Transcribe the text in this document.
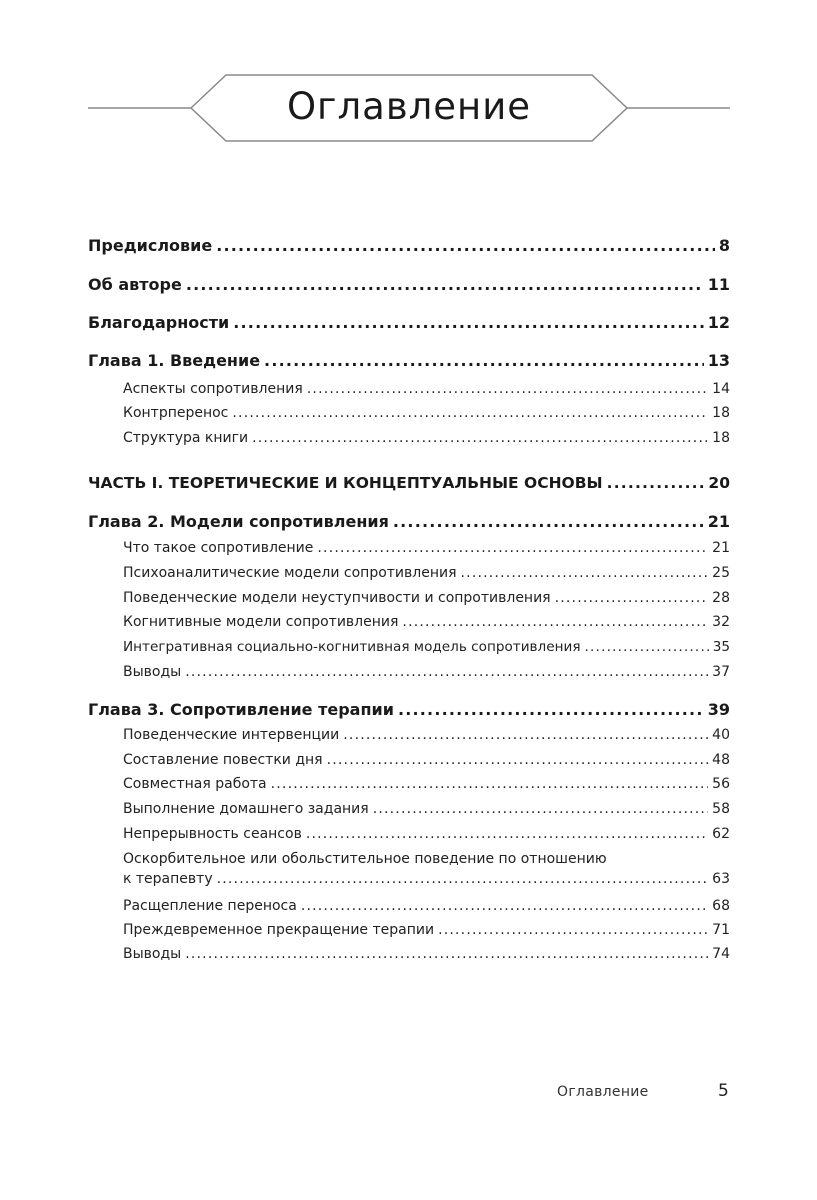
Оглавление
Предисловие .....	8
Об авторе .....	11
Благодарности .....	12
Глава 1. Введение .....	13
Аспекты сопротивления .....	14
Контрперенос .....	18
Структура книги .....	18
ЧАСТЬ I. ТЕОРЕТИЧЕСКИЕ И КОНЦЕПТУАЛЬНЫЕ ОСНОВЫ .....	20
Глава 2. Модели сопротивления .....	21
Что такое сопротивление .....	21
Психоаналитические модели сопротивления .....	25
Поведенческие модели неуступчивости и сопротивления .....	28
Когнитивные модели сопротивления .....	32
Интегративная социально-когнитивная модель сопротивления .....	35
Выводы .....	37
Глава 3. Сопротивление терапии .....	39
Поведенческие интервенции .....	40
Составление повестки дня .....	48
Совместная работа .....	56
Выполнение домашнего задания .....	58
Непрерывность сеансов .....	62
Оскорбительное или обольстительное поведение по отношению
к терапевту .....	63
Расщепление переноса .....	68
Преждевременное прекращение терапии .....	71
Выводы .....	74
Оглавление	5
